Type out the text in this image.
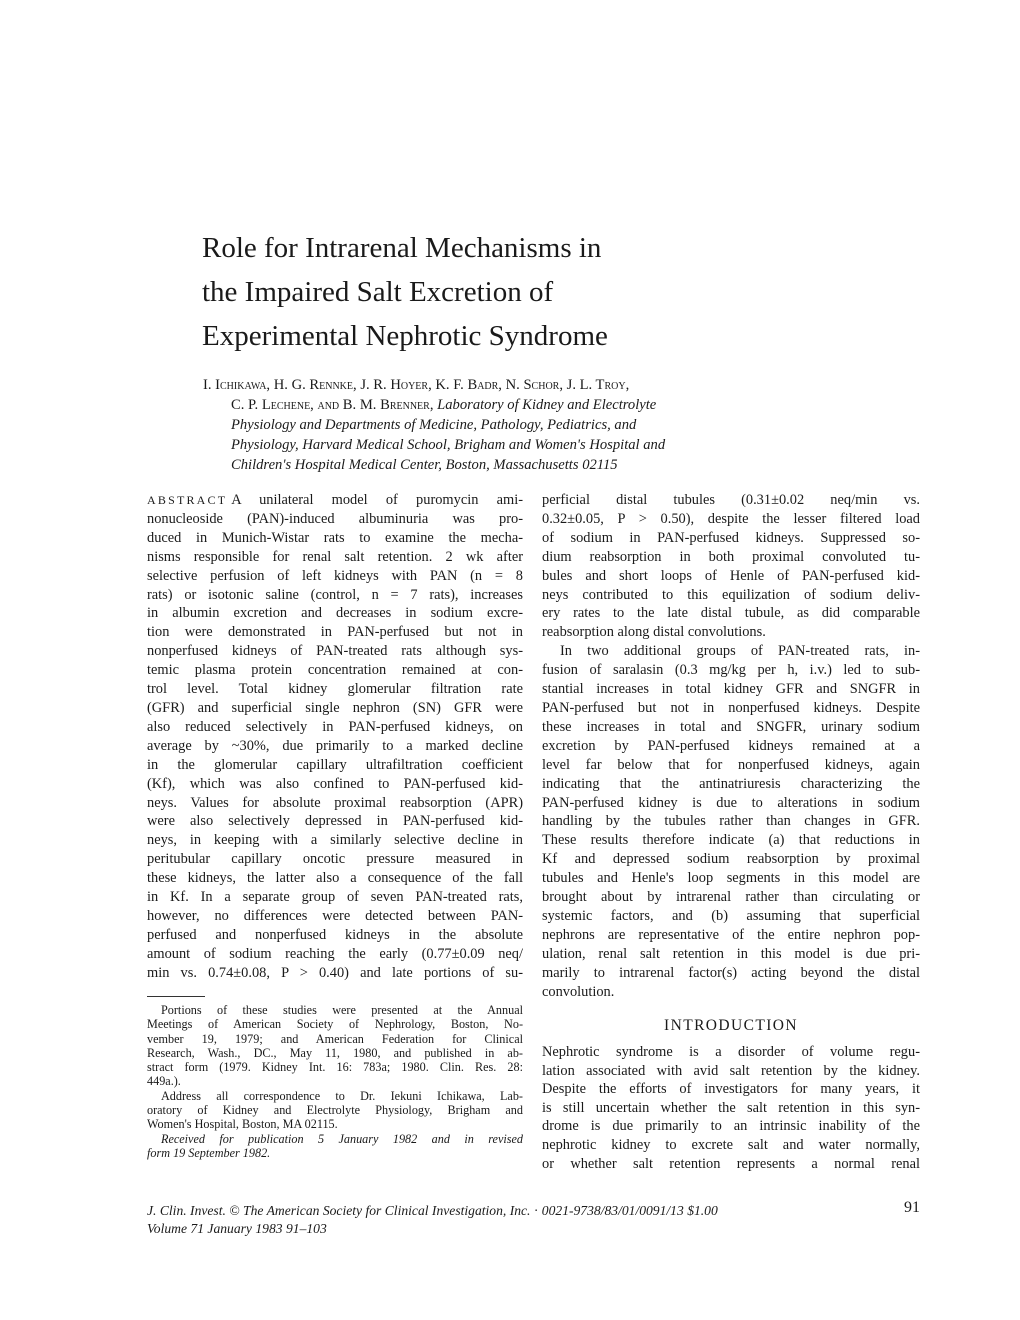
Role for Intrarenal Mechanisms in
the Impaired Salt Excretion of
Experimental Nephrotic Syndrome
I. Ichikawa, H. G. Rennke, J. R. Hoyer, K. F. Badr, N. Schor, J. L. Troy,
C. P. Lechene, and B. M. Brenner, Laboratory of Kidney and Electrolyte
Physiology and Departments of Medicine, Pathology, Pediatrics, and
Physiology, Harvard Medical School, Brigham and Women's Hospital and
Children's Hospital Medical Center, Boston, Massachusetts 02115
ABSTRACT A unilateral model of puromycin ami-
nonucleoside (PAN)-induced albuminuria was pro-
duced in Munich-Wistar rats to examine the mecha-
nisms responsible for renal salt retention. 2 wk after
selective perfusion of left kidneys with PAN (n = 8
rats) or isotonic saline (control, n = 7 rats), increases
in albumin excretion and decreases in sodium excre-
tion were demonstrated in PAN-perfused but not in
nonperfused kidneys of PAN-treated rats although sys-
temic plasma protein concentration remained at con-
trol level. Total kidney glomerular filtration rate
(GFR) and superficial single nephron (SN) GFR were
also reduced selectively in PAN-perfused kidneys, on
average by ~30%, due primarily to a marked decline
in the glomerular capillary ultrafiltration coefficient
(Kf), which was also confined to PAN-perfused kid-
neys. Values for absolute proximal reabsorption (APR)
were also selectively depressed in PAN-perfused kid-
neys, in keeping with a similarly selective decline in
peritubular capillary oncotic pressure measured in
these kidneys, the latter also a consequence of the fall
in Kf. In a separate group of seven PAN-treated rats,
however, no differences were detected between PAN-
perfused and nonperfused kidneys in the absolute
amount of sodium reaching the early (0.77±0.09 neq/
min vs. 0.74±0.08, P > 0.40) and late portions of su-
perficial distal tubules (0.31±0.02 neq/min vs.
0.32±0.05, P > 0.50), despite the lesser filtered load
of sodium in PAN-perfused kidneys. Suppressed so-
dium reabsorption in both proximal convoluted tu-
bules and short loops of Henle of PAN-perfused kid-
neys contributed to this equilization of sodium deliv-
ery rates to the late distal tubule, as did comparable
reabsorption along distal convolutions.
In two additional groups of PAN-treated rats, in-
fusion of saralasin (0.3 mg/kg per h, i.v.) led to sub-
stantial increases in total kidney GFR and SNGFR in
PAN-perfused but not in nonperfused kidneys. Despite
these increases in total and SNGFR, urinary sodium
excretion by PAN-perfused kidneys remained at a
level far below that for nonperfused kidneys, again
indicating that the antinatriuresis characterizing the
PAN-perfused kidney is due to alterations in sodium
handling by the tubules rather than changes in GFR.
These results therefore indicate (a) that reductions in
Kf and depressed sodium reabsorption by proximal
tubules and Henle's loop segments in this model are
brought about by intrarenal rather than circulating or
systemic factors, and (b) assuming that superficial
nephrons are representative of the entire nephron pop-
ulation, renal salt retention in this model is due pri-
marily to intrarenal factor(s) acting beyond the distal
convolution.
Portions of these studies were presented at the Annual
Meetings of American Society of Nephrology, Boston, No-
vember 19, 1979; and American Federation for Clinical
Research, Wash., DC., May 11, 1980, and published in ab-
stract form (1979. Kidney Int. 16: 783a; 1980. Clin. Res. 28:
449a.).
Address all correspondence to Dr. Iekuni Ichikawa, Lab-
oratory of Kidney and Electrolyte Physiology, Brigham and
Women's Hospital, Boston, MA 02115.
Received for publication 5 January 1982 and in revised
form 19 September 1982.
INTRODUCTION
Nephrotic syndrome is a disorder of volume regu-
lation associated with avid salt retention by the kidney.
Despite the efforts of investigators for many years, it
is still uncertain whether the salt retention in this syn-
drome is due primarily to an intrinsic inability of the
nephrotic kidney to excrete salt and water normally,
or whether salt retention represents a normal renal
J. Clin. Invest. © The American Society for Clinical Investigation, Inc. · 0021-9738/83/01/0091/13 $1.00
Volume 71 January 1983 91–103
91
